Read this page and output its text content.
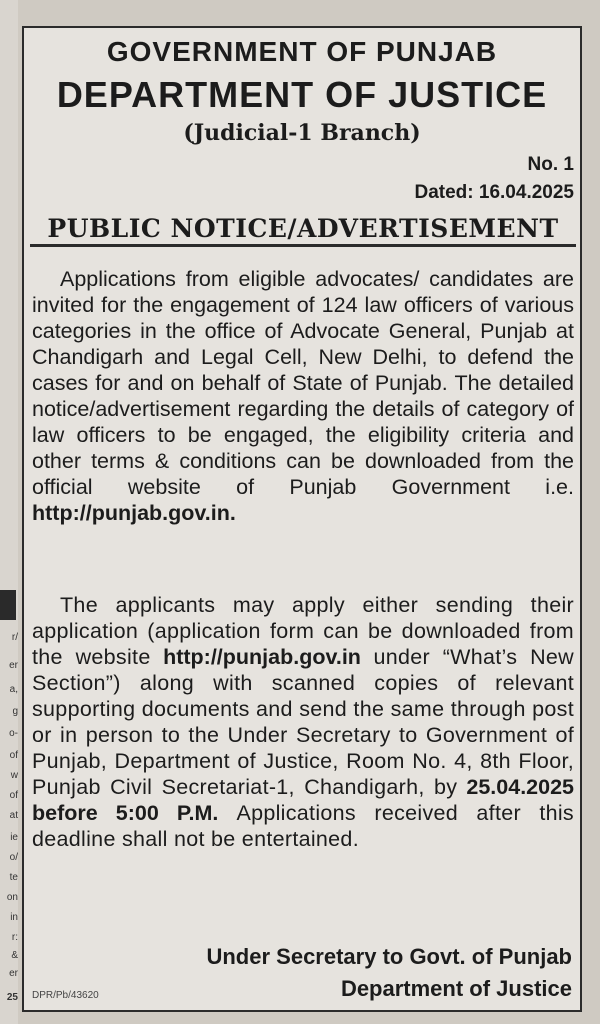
r/
er
a,
g
o-
of
w
of
at
ie
o/
te
on
in
r:
&
er
25
GOVERNMENT OF PUNJAB
DEPARTMENT OF JUSTICE
(Judicial-1 Branch)
No. 1
Dated: 16.04.2025
PUBLIC NOTICE/ADVERTISEMENT
Applications from eligible advocates/ candidates are invited for the engagement of 124 law officers of various categories in the office of Advocate General, Punjab at Chandigarh and Legal Cell, New Delhi, to defend the cases for and on behalf of State of Punjab. The detailed notice/advertisement regarding the details of category of law officers to be engaged, the eligibility criteria and other terms & conditions can be downloaded from the official website of Punjab Government i.e. http://punjab.gov.in.
The applicants may apply either sending their application (application form can be downloaded from the website http://punjab.gov.in under “What’s New Section”) along with scanned copies of relevant supporting documents and send the same through post or in person to the Under Secretary to Government of Punjab, Department of Justice, Room No. 4, 8th Floor, Punjab Civil Secretariat-1, Chandigarh, by 25.04.2025 before 5:00 P.M. Applications received after this deadline shall not be entertained.
Under Secretary to Govt. of Punjab
DPR/Pb/43620	Department of Justice
